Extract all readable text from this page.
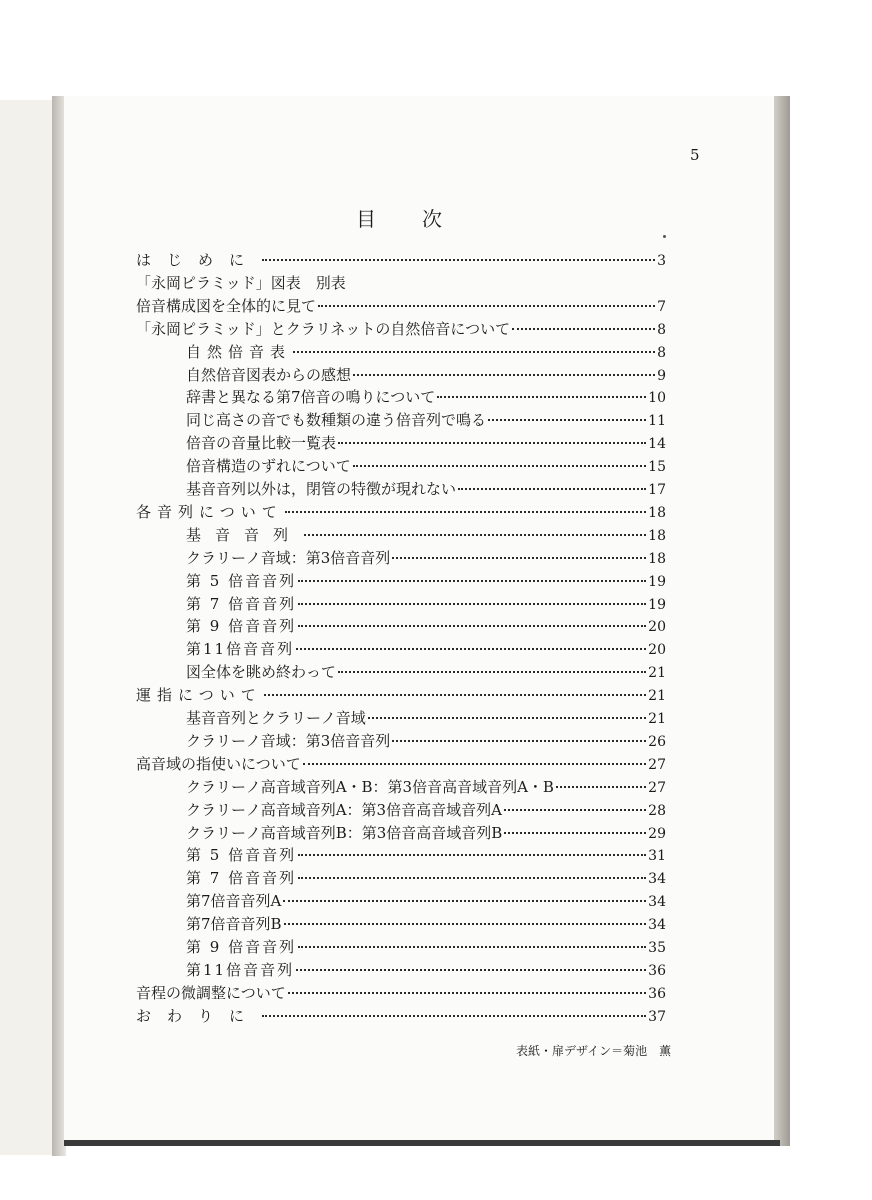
5
目次
はじめに	3
「永岡ピラミッド」図表　別表
倍音構成図を全体的に見て	7
「永岡ピラミッド」とクラリネットの自然倍音について	8
自然倍音表	8
自然倍音図表からの感想	9
辞書と異なる第7倍音の鳴りについて	10
同じ高さの音でも数種類の違う倍音列で鳴る	11
倍音の音量比較一覧表	14
倍音構造のずれについて	15
基音音列以外は，閉管の特徴が現れない	17
各音列について	18
基音音列	18
クラリーノ音域：第3倍音音列	18
第 5 倍音音列	19
第 7 倍音音列	19
第 9 倍音音列	20
第11倍音音列	20
図全体を眺め終わって	21
運指について	21
基音音列とクラリーノ音域	21
クラリーノ音域：第3倍音音列	26
高音域の指使いについて	27
クラリーノ高音域音列A・B：第3倍音高音域音列A・B	27
クラリーノ高音域音列A：第3倍音高音域音列A	28
クラリーノ高音域音列B：第3倍音高音域音列B	29
第 5 倍音音列	31
第 7 倍音音列	34
第7倍音音列A	34
第7倍音音列B	34
第 9 倍音音列	35
第11倍音音列	36
音程の微調整について	36
おわりに	37
表紙・扉デザイン＝菊池　薫
